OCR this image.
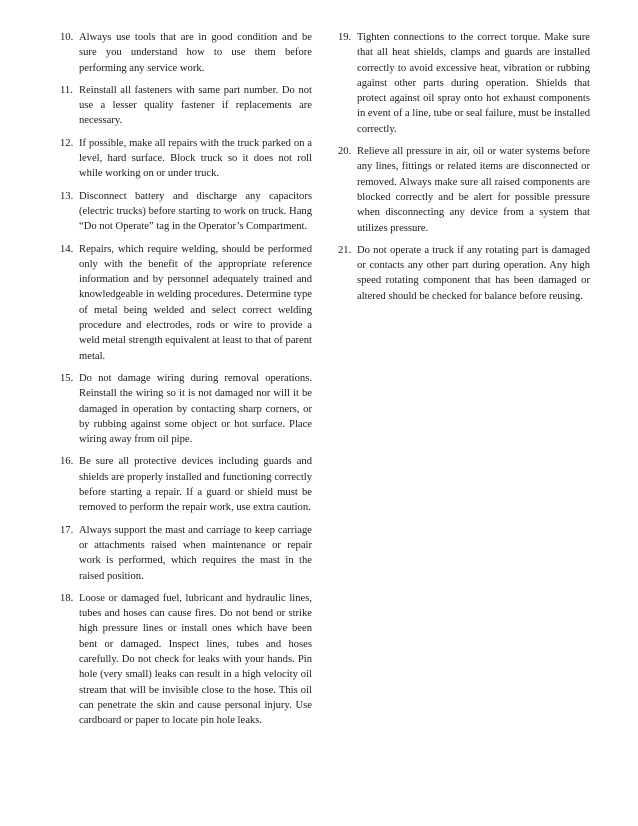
10. Always use tools that are in good condition and be sure you understand how to use them before performing any service work.
11. Reinstall all fasteners with same part number. Do not use a lesser quality fastener if replacements are necessary.
12. If possible, make all repairs with the truck parked on a level, hard surface. Block truck so it does not roll while working on or under truck.
13. Disconnect battery and discharge any capacitors (electric trucks) before starting to work on truck. Hang “Do not Operate” tag in the Operator’s Compartment.
14. Repairs, which require welding, should be performed only with the benefit of the appropriate reference information and by personnel adequately trained and knowledgeable in welding procedures. Determine type of metal being welded and select correct welding procedure and electrodes, rods or wire to provide a weld metal strength equivalent at least to that of parent metal.
15. Do not damage wiring during removal operations. Reinstall the wiring so it is not damaged nor will it be damaged in operation by contacting sharp corners, or by rubbing against some object or hot surface. Place wiring away from oil pipe.
16. Be sure all protective devices including guards and shields are properly installed and functioning correctly before starting a repair. If a guard or shield must be removed to perform the repair work, use extra caution.
17. Always support the mast and carriage to keep carriage or attachments raised when maintenance or repair work is performed, which requires the mast in the raised position.
18. Loose or damaged fuel, lubricant and hydraulic lines, tubes and hoses can cause fires. Do not bend or strike high pressure lines or install ones which have been bent or damaged. Inspect lines, tubes and hoses carefully. Do not check for leaks with your hands. Pin hole (very small) leaks can result in a high velocity oil stream that will be invisible close to the hose. This oil can penetrate the skin and cause personal injury. Use cardboard or paper to locate pin hole leaks.
19. Tighten connections to the correct torque. Make sure that all heat shields, clamps and guards are installed correctly to avoid excessive heat, vibration or rubbing against other parts during operation. Shields that protect against oil spray onto hot exhaust components in event of a line, tube or seal failure, must be installed correctly.
20. Relieve all pressure in air, oil or water systems before any lines, fittings or related items are disconnected or removed. Always make sure all raised components are blocked correctly and be alert for possible pressure when disconnecting any device from a system that utilizes pressure.
21. Do not operate a truck if any rotating part is damaged or contacts any other part during operation. Any high speed rotating component that has been damaged or altered should be checked for balance before reusing.
